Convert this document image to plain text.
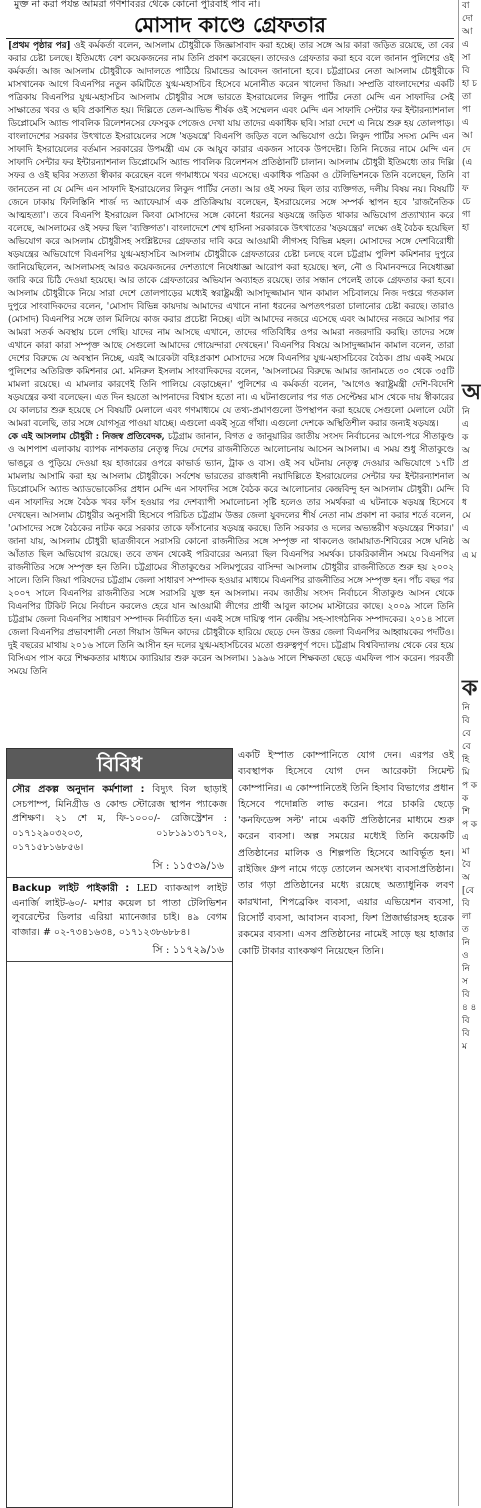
মুক্ত না করা পর্যন্ত আমরা গণশাবরর থেকে কোনো পুরিবাই পাব না।
মোসাদ কাণ্ডে গ্রেফতার

[প্রথম পৃষ্ঠার পর] ওই কর্মকর্তা বলেন, আসলাম চৌধুরীকে জিজ্ঞাসাবাদ করা হচ্ছে। তার সঙ্গে আর কারা জড়িত রয়েছে, তা বের করার চেষ্টা চলছে। ইতিমধ্যে বেশ কয়েকজনের নাম তিনি প্রকাশ করেছেন। তাদেরও গ্রেফতার করা হবে বলে জানান পুলিশের ওই কর্মকর্তা। আজ আসলাম চৌধুরীকে আদালতে পাঠিয়ে রিমান্ডের আবেদন জানানো হবে। চট্টগ্রামের নেতা আসলাম চৌধুরীকে মাসখানেক আগে বিএনপির নতুন কমিটিতে যুগ্ম-মহাসচিব হিসেবে মনোনীত করেন খালেদা জিয়া। সম্প্রতি বাংলাদেশের একটি পত্রিকায় বিএনপির যুগ্ম-মহাসচিব আসলাম চৌধুরীর সঙ্গে ভারতে ইসরায়েলের লিকুদ পার্টির নেতা মেন্দি এন সাফাদির সেই সাক্ষাতের খবর ও ছবি প্রকাশিত হয়। দিল্লিতে তেল-আভিভ শীর্ষক ওই সম্মেলন এবং মেন্দি এন সাফাদি সেন্টার ফর ইন্টারন্যাশনাল ডিপ্লোমেসি অ্যান্ড পাবলিক রিলেশনসের ফেসবুক পেজেও দেখা যায় তাদের একাধিক ছবি। সারা দেশে এ নিয়ে শুরু হয় তোলপাড়। বাংলাদেশের সরকার উৎখাতে ইসরায়েলের সঙ্গে 'ষড়যন্ত্রে' বিএনপি জড়িত বলে অভিযোগ ওঠে। লিকুদ পার্টির সদস্য মেন্দি এন সাফাদি ইসরায়েলের বর্তমান সরকারের উপমন্ত্রী এম কে আয়ুব কারার একজন সাবেক উপদেষ্টা। তিনি নিজের নামে মেন্দি এন সাফাদি সেন্টার ফর ইন্টারন্যাশনাল ডিপ্লোমেসি অ্যান্ড পাবলিক রিলেশনস প্রতিষ্ঠানটি চালান। আসলাম চৌধুরী ইতিমধ্যে তার দিল্লি সফর ও ওই ছবির সত্যতা স্বীকার করেছেন বলে গণমাধ্যমে খবর এসেছে। একাধিক পত্রিকা ও টেলিভিশনকে তিনি বলেছেন, তিনি জানতেন না যে মেন্দি এন সাফাদি ইসরায়েলের লিকুদ পার্টির নেতা। আর ওই সফর ছিল তার ব্যক্তিগত, দলীয় বিষয় নয়। বিষয়টি জেনে ঢাকায় ফিলিস্তিনি শার্জ দ্য অ্যাফেয়ার্স এক প্রতিক্রিয়ায় বলেছেন, ইসরায়েলের সঙ্গে সম্পর্ক স্থাপন হবে 'রাজনৈতিক আত্মহত্যা'। তবে বিএনপি ইসরায়েল কিংবা মোসাদের সঙ্গে কোনো ধরনের ষড়যন্ত্রে জড়িত থাকার অভিযোগ প্রত্যাখ্যান করে বলেছে, আসলামের ওই সফর ছিল 'ব্যক্তিগত'। বাংলাদেশে শেখ হাসিনা সরকারকে উৎখাতের 'ষড়যন্ত্রের' লক্ষ্যে ওই বৈঠক হয়েছিল অভিযোগ করে আসলাম চৌধুরীসহ সংশ্লিষ্টদের গ্রেফতার দাবি করে আওয়ামী লীগসহ বিভিন্ন মহল। মোসাদের সঙ্গে দেশবিরোধী ষড়যন্ত্রের অভিযোগে বিএনপির যুগ্ম-মহাসচিব আসলাম চৌধুরীকে গ্রেফতারের চেষ্টা চলছে বলে চট্টগ্রাম পুলিশ কমিশনার দুপুরে জানিয়েছিলেন, আসলামসহ আরও কয়েকজনের দেশত্যাগে নিষেধাজ্ঞা আরোপ করা হয়েছে। স্থল, নৌ ও বিমানবন্দরে নিষেধাজ্ঞা জারি করে চিঠি দেওয়া হয়েছে। আর তাকে গ্রেফতারের অভিযান অব্যাহত রয়েছে। তার সন্ধান পেলেই তাকে গ্রেফতার করা হবে। আসলাম চৌধুরীকে নিয়ে সারা দেশে তোলপাড়ের মধ্যেই স্বরাষ্ট্রমন্ত্রী আসাদুজ্জামান খান কামাল সচিবালয়ে নিজ দপ্তরে গতকাল দুপুরে সাংবাদিকদের বলেন, 'মোসাদ বিভিন্ন কায়দায় আমাদের এখানে নানা ধরনের অপতৎপরতা চালানোর চেষ্টা করছে। তারাও (মোসাদ) বিএনপির সঙ্গে তাল মিলিয়ে কাজ করার প্রচেষ্টা নিচ্ছে। এটা আমাদের নজরে এসেছে এবং আমাদের নজরে আসার পর আমরা সতর্ক অবস্থায় চলে গেছি। যাদের নাম আসছে এখানে, তাদের গতিবিধির ওপর আমরা নজরদারি করছি। তাদের সঙ্গে এখানে কারা কারা সম্পৃক্ত আছে সেগুলো আমাদের গোয়েন্দারা দেখছেন।' বিএনপির বিষয়ে আসাদুজ্জামান কামাল বলেন, তারা দেশের বিরুদ্ধে যে অবস্থান নিচ্ছে, এরই আরেকটা বহিঃপ্রকাশ মোসাদের সঙ্গে বিএনপির যুগ্ম-মহাসচিবের বৈঠক। প্রায় একই সময়ে পুলিশের অতিরিক্ত কমিশনার মো. মনিরুল ইসলাম সাংবাদিকদের বলেন, 'আসলামের বিরুদ্ধে আমার জানামতে ৩০ থেকে ৩৫টি মামলা রয়েছে। এ মামলার কারণেই তিনি পালিয়ে বেড়াচ্ছেন।' পুলিশের এ কর্মকর্তা বলেন, 'আগেও স্বরাষ্ট্রমন্ত্রী দেশি-বিদেশি ষড়যন্ত্রের কথা বলেছেন। এত দিন হয়তো আপনাদের বিশ্বাস হতো না। এ ঘটনাগুলোর পর গত সেপ্টেম্বর মাস থেকে দায় স্বীকারের যে কালচার শুরু হয়েছে সে বিষয়টি মেলালে এবং গণমাধ্যমে যে তথ্য-প্রমাণগুলো উপস্থাপন করা হয়েছে সেগুলো মেলালে যেটা আমরা বলেছি, তার সঙ্গে যোগসূত্র পাওয়া যাচ্ছে। এগুলো একই সূত্রে গাঁথা। এগুলো দেশকে অস্থিতিশীল করার জন্যই ষড়যন্ত্র।

কে এই আসলাম চৌধুরী : নিজস্ব প্রতিবেদক, চট্টগ্রাম জানান, বিগত ৫ জানুয়ারির জাতীয় সংসদ নির্বাচনের আগে-পরে সীতাকুণ্ড ও আশপাশ এলাকায় ব্যাপক নাশকতার নেতৃত্ব দিয়ে দেশের রাজনীতিতে আলোচনায় আসেন আসলাম। এ সময় শুধু সীতাকুণ্ডে ভাঙচুর ও পুড়িয়ে দেওয়া হয় হাজারের ওপরে কাভার্ড ভ্যান, ট্রাক ও বাস। ওই সব ঘটনায় নেতৃত্ব দেওয়ার অভিযোগে ১৭টি মামলায় আসামি করা হয় আসলাম চৌধুরীকে। সর্বশেষ ভারতের রাজধানী নয়াদিল্লিতে ইসরায়েলের সেন্টার ফর ইন্টারন্যাশনাল ডিপ্লোমেসি অ্যান্ড অ্যাডভোকেসির প্রধান মেন্দি এন সাফাদির সঙ্গে বৈঠক করে আলোচনার কেন্দ্রবিন্দু হন আসলাম চৌধুরী। মেন্দি এন সাফাদির সঙ্গে বৈঠক খবর ফাঁস হওয়ার পর দেশব্যাপী সমালোচনা সৃষ্টি হলেও তার সমর্থকরা এ ঘটনাকে ষড়যন্ত্র হিসেবে দেখছেন। আসলাম চৌধুরীর অনুসারী হিসেবে পরিচিত চট্টগ্রাম উত্তর জেলা যুবদলের শীর্ষ নেতা নাম প্রকাশ না করার শর্তে বলেন, 'মোসাদের সঙ্গে বৈঠকের নাটক করে সরকার তাকে ফাঁসানোর ষড়যন্ত্র করছে। তিনি সরকার ও দলের অভ্যন্তরীণ ষড়যন্ত্রের শিকার।' জানা যায়, আসলাম চৌধুরী ছাত্রজীবনে সরাসরি কোনো রাজনীতির সঙ্গে সম্পৃক্ত না থাকলেও জামায়াত-শিবিরের সঙ্গে ঘনিষ্ঠ আঁতাত ছিল অভিযোগ রয়েছে। তবে তখন থেকেই পরিবারের অন্যরা ছিল বিএনপির সমর্থক। চাকরিকালীন সময়ে বিএনপির রাজনীতির সঙ্গে সম্পৃক্ত হন তিনি। চট্টগ্রামের সীতাকুণ্ডের সলিমপুরের বাসিন্দা আসলাম চৌধুরীর রাজনীতিতে শুরু হয় ২০০২ সালে। তিনি জিয়া পরিষদের চট্টগ্রাম জেলা সাধারণ সম্পাদক হওয়ার মাধ্যমে বিএনপির রাজনীতির সঙ্গে সম্পৃক্ত হন। পাঁচ বছর পর ২০০৭ সালে বিএনপির রাজনীতির সঙ্গে সরাসরি যুক্ত হন আসলাম। নবম জাতীয় সংসদ নির্বাচনে সীতাকুণ্ড আসন থেকে বিএনপির টিকিট নিয়ে নির্বাচন করলেও হেরে যান আওয়ামী লীগের প্রার্থী আবুল কাসেম মাস্টারের কাছে। ২০০৯ সালে তিনি চট্টগ্রাম জেলা বিএনপির সাধারণ সম্পাদক নির্বাচিত হন। একই সঙ্গে দায়িত্ব পান কেন্দ্রীয় সহ-সাংগঠনিক সম্পাদকের। ২০১৪ সালে জেলা বিএনপির প্রভাবশালী নেতা গিয়াস উদ্দিন কাদের চৌধুরীকে হারিয়ে ছেড়ে দেন উত্তর জেলা বিএনপির আহ্বায়কের পদটিও। দুই বছরের মাথায় ২০১৬ সালে তিনি আসীন হন দলের যুগ্ম-মহাসচিবের মতো গুরুত্বপূর্ণ পদে। চট্টগ্রাম বিশ্ববিদ্যালয় থেকে বের হয়ে বিসিএস পাস করে শিক্ষকতার মাধ্যমে ক্যারিয়ার শুরু করেন আসলাম। ১৯৯৬ সালে শিক্ষকতা ছেড়ে এমফিল পাস করেন। পরবর্তী সময়ে তিনি

বিবিধ
সৌর প্রকল্প অনুদান কর্মশালা : বিদ্যুৎ বিল ছাড়াই সেচপাম্প, মিনিগ্রীড ও কোল্ড স্টোরেজ স্থাপন প্যাকেজ প্রশিক্ষণ। ২১ শে ম, ফি-১০০০/- রেজিস্ট্রেশন : ০১৭১২৯০৩২০৩, ০১৮১৯১৩১৭০২, ০১৭১৫৮১৬৮৫৬।
সি : ১১৫৩৯/১৬
Backup লাইট পাইকারী : LED ব্যাকআপ লাইট এনার্জি লাইট-৬০/- মশার কয়েল চা পাতা টেলিভিশন লুবরেন্টের ডিলার এরিয়া ম্যানেজার চাই। ৪৯ বেগম বাজার। # ০২-৭৩৪১৬৩৪, ০১৭১২৩৮৬৮৮৪।
সি : ১১৭২৯/১৬
একটি ইস্পাত কোম্পানিতে যোগ দেন। এরপর ওই ব্যবস্থাপক হিসেবে যোগ দেন আরেকটা সিমেন্ট কোম্পানির। এ কোম্পানিতেই তিনি হিসাব বিভাগের প্রধান হিসেবে পদোন্নতি লাভ করেন। পরে চাকরি ছেড়ে 'কনফিডেন্স সল্ট' নামে একটি প্রতিষ্ঠানের মাধ্যমে শুরু করেন ব্যবসা। অল্প সময়ের মধ্যেই তিনি কয়েকটি প্রতিষ্ঠানের মালিক ও শিল্পপতি হিসেবে আবির্ভূত হন। রাইজিং গ্রুপ নামে গড়ে তোলেন অসংখ্য ব্যবসাপ্রতিষ্ঠান। তার গড়া প্রতিষ্ঠানের মধ্যে রয়েছে অত্যাধুনিক লবণ কারখানা, শিপব্রেকিং ব্যবসা, এয়ার এভিয়েশন ব্যবসা, রিসোর্ট ব্যবসা, আবাসন ব্যবসা, ফিশ প্রিজার্ভারসহ হরেক রকমের ব্যবসা। এসব প্রতিষ্ঠানের নামেই সাড়ে ছয় হাজার কোটি টাকার ব্যাংকঋণ নিয়েছেন তিনি।
বা দো আ এ সা বি হা চ তা পা এ আ দে (এ বা ফ চে গা হা
অ
নি এ ক অ প্র অ বি ধ মে এ অ এ ম
ক
নি বি বে বে হি মি প ক ক শি প ক এ মা বৈ অ [বে বি লা ত নি ও নি স বি ৪ ৪ বি বি ম
